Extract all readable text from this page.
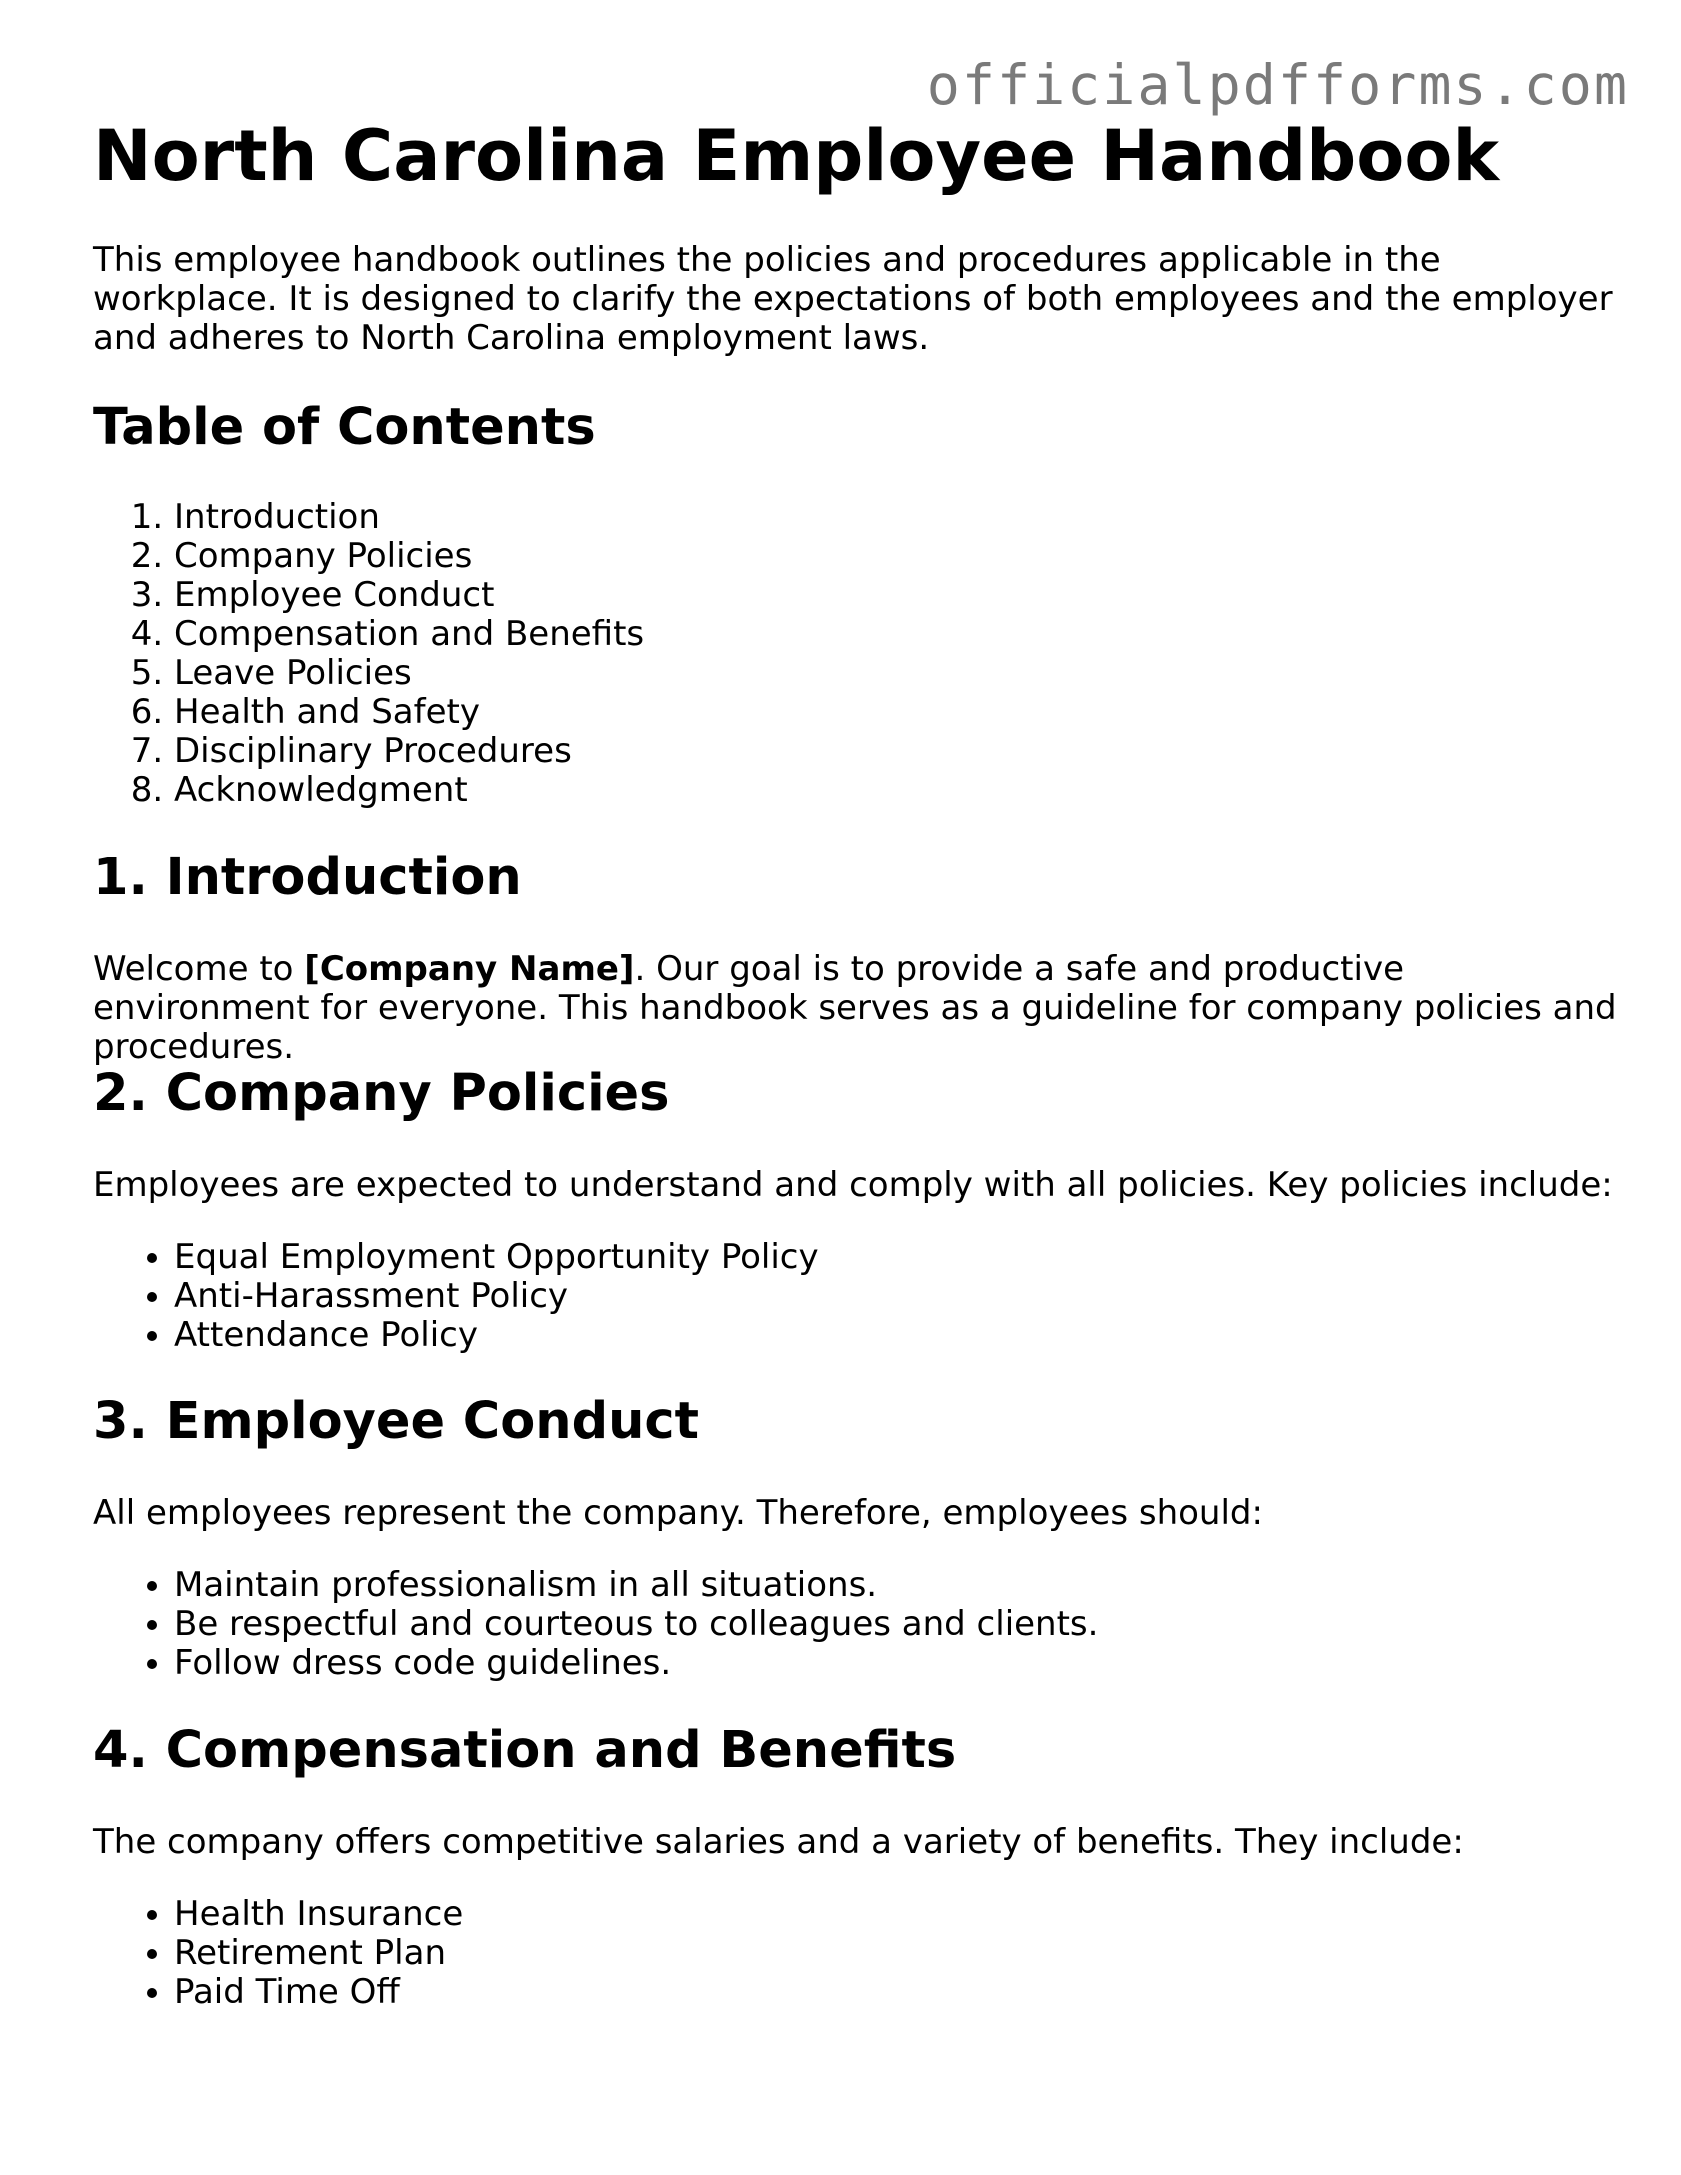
officialpdfforms.com
North Carolina Employee Handbook

This employee handbook outlines the policies and procedures applicable in the workplace. It is designed to clarify the expectations of both employees and the employer and adheres to North Carolina employment laws.

Table of Contents
1. Introduction
2. Company Policies
3. Employee Conduct
4. Compensation and Benefits
5. Leave Policies
6. Health and Safety
7. Disciplinary Procedures
8. Acknowledgment
1. Introduction

Welcome to [Company Name]. Our goal is to provide a safe and productive environment for everyone. This handbook serves as a guideline for company policies and procedures.

2. Company Policies

Employees are expected to understand and comply with all policies. Key policies include:

• Equal Employment Opportunity Policy
• Anti-Harassment Policy
• Attendance Policy
3. Employee Conduct

All employees represent the company. Therefore, employees should:

• Maintain professionalism in all situations.
• Be respectful and courteous to colleagues and clients.
• Follow dress code guidelines.
4. Compensation and Benefits

The company offers competitive salaries and a variety of benefits. They include:

• Health Insurance
• Retirement Plan
• Paid Time Off
